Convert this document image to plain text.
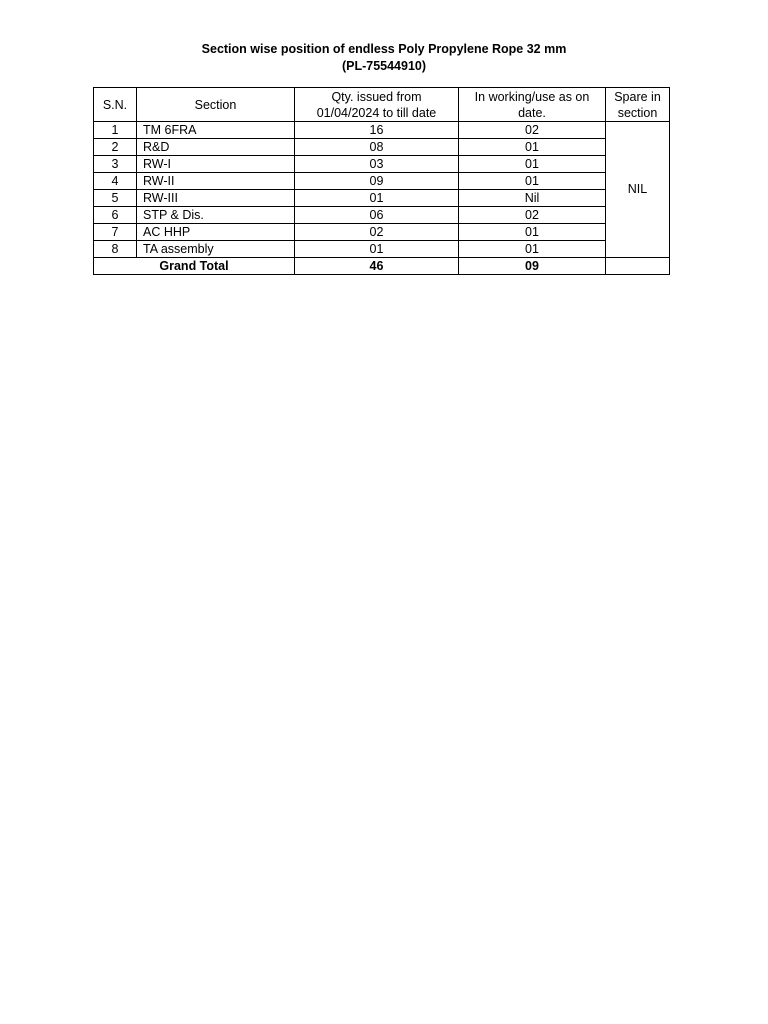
Section wise position of endless Poly Propylene Rope 32 mm
(PL-75544910)
S.N.	Section	Qty. issued from 01/04/2024 to till date	In working/use as on date.	Spare in section
1	TM 6FRA	16	02	NIL
2	R&D	08	01	
3	RW-I	03	01	
4	RW-II	09	01	
5	RW-III	01	Nil	
6	STP & Dis.	06	02	
7	AC HHP	02	01	
8	TA assembly	01	01	
Grand Total		46	09	
